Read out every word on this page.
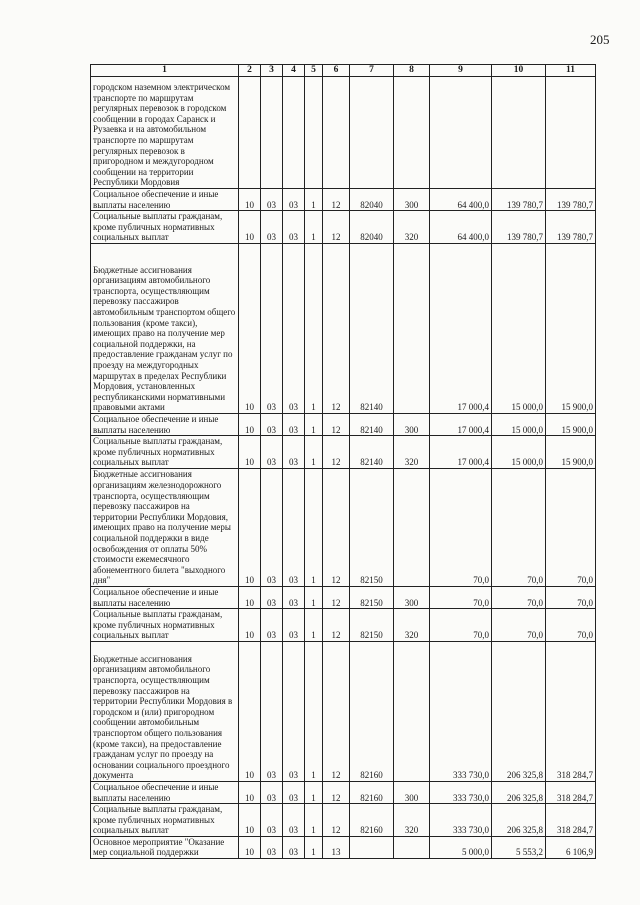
205
1	2	3	4	5	6	7	8	9	10	11
городском наземном электрическом транспорте по маршрутам регулярных перевозок в городском сообщении в городах Саранск и Рузаевка и на автомобильном транспорте по маршрутам регулярных перевозок в пригородном и междугородном сообщении на территории Республики Мордовия										
Социальное обеспечение и иные выплаты населению	10	03	03	1	12	82040	300	64 400,0	139 780,7	139 780,7
Социальные выплаты гражданам, кроме публичных нормативных социальных выплат	10	03	03	1	12	82040	320	64 400,0	139 780,7	139 780,7
Бюджетные ассигнования организациям автомобильного транспорта, осуществляющим перевозку пассажиров автомобильным транспортом общего пользования (кроме такси), имеющих право на получение мер социальной поддержки, на предоставление гражданам услуг по проезду на междугородных маршрутах в пределах Республики Мордовия, установленных республиканскими нормативными правовыми актами	10	03	03	1	12	82140		17 000,4	15 000,0	15 900,0
Социальное обеспечение и иные выплаты населению	10	03	03	1	12	82140	300	17 000,4	15 000,0	15 900,0
Социальные выплаты гражданам, кроме публичных нормативных социальных выплат	10	03	03	1	12	82140	320	17 000,4	15 000,0	15 900,0
Бюджетные ассигнования организациям железнодорожного транспорта, осуществляющим перевозку пассажиров на территории Республики Мордовия, имеющих право на получение меры социальной поддержки в виде освобождения от оплаты 50% стоимости ежемесячного абонементного билета "выходного дня"	10	03	03	1	12	82150		70,0	70,0	70,0
Социальное обеспечение и иные выплаты населению	10	03	03	1	12	82150	300	70,0	70,0	70,0
Социальные выплаты гражданам, кроме публичных нормативных социальных выплат	10	03	03	1	12	82150	320	70,0	70,0	70,0
Бюджетные ассигнования организациям автомобильного транспорта, осуществляющим перевозку пассажиров на территории Республики Мордовия в городском и (или) пригородном сообщении автомобильным транспортом общего пользования (кроме такси), на предоставление гражданам услуг по проезду на основании социального проездного документа	10	03	03	1	12	82160		333 730,0	206 325,8	318 284,7
Социальное обеспечение и иные выплаты населению	10	03	03	1	12	82160	300	333 730,0	206 325,8	318 284,7
Социальные выплаты гражданам, кроме публичных нормативных социальных выплат	10	03	03	1	12	82160	320	333 730,0	206 325,8	318 284,7
Основное мероприятие "Оказание мер социальной поддержки	10	03	03	1	13			5 000,0	5 553,2	6 106,9
